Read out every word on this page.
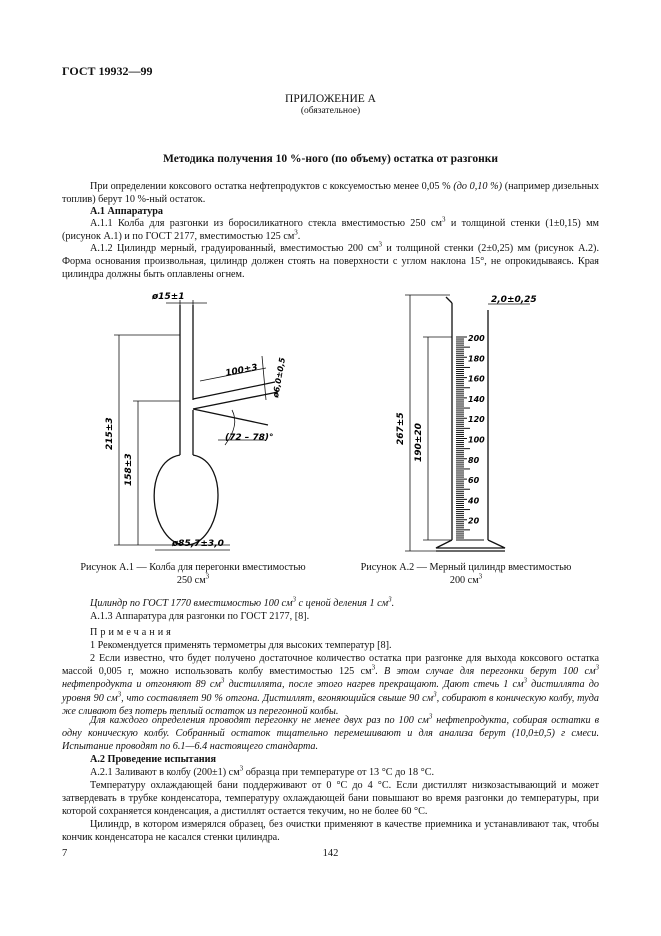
ГОСТ 19932—99
ПРИЛОЖЕНИЕ А
(обязательное)
Методика получения 10 %-ного (по объему) остатка от разгонки
При определении коксового остатка нефтепродуктов с коксуемостью менее 0,05 % (до 0,10 %) (например дизельных топлив) берут 10 %-ный остаток.
А.1 Аппаратура
А.1.1 Колба для разгонки из боросиликатного стекла вместимостью 250 $см^3$ и толщиной стенки (1±0,15) мм (рисунок А.1) и по ГОСТ 2177, вместимостью 125 $см^3$.
А.1.2 Цилиндр мерный, градуированный, вместимостью 200 $см^3$ и толщиной стенки (2±0,25) мм (рисунок А.2). Форма основания произвольная, цилиндр должен стоять на поверхности с углом наклона 15°, не опрокидываясь. Края цилиндра должны быть оплавлены огнем.
ø15±1
215±3
158±3
ø85,7±3,0
100±3 ø6,0±0,5
(72 – 78)°
Рисунок А.1 — Колба для перегонки вместимостью
250 $см^3$
200
180
160
140
120
100
80
60
40
20
2,0±0,25
267±5 190±20
Рисунок А.2 — Мерный цилиндр вместимостью
200 $см^3$
Цилиндр по ГОСТ 1770 вместимостью 100 $см^3$ с ценой деления 1 $см^3$.
А.1.3 Аппаратура для разгонки по ГОСТ 2177, [8].
Примечания
1 Рекомендуется применять термометры для высоких температур [8].
2 Если известно, что будет получено достаточное количество остатка при разгонке для выхода коксового остатка массой 0,005 г, можно использовать колбу вместимостью 125 $см^3$. В этом случае для перегонки берут 100 $см^3$ нефтепродукта и отгоняют 89 $см^3$ дистиллята, после этого нагрев прекращают. Дают стечь 1 $см^3$ дистиллята до уровня 90 $см^3$, что составляет 90 % отгона. Дистиллят, вгоняющийся свыше 90 $см^3$, собирают в коническую колбу, туда же сливают без потерь теплый остаток из перегонной колбы.
Для каждого определения проводят перегонку не менее двух раз по 100 $см^3$ нефтепродукта, собирая остатки в одну коническую колбу. Собранный остаток тщательно перемешивают и для анализа берут (10,0±0,5) г смеси. Испытание проводят по 6.1—6.4 настоящего стандарта.
А.2 Проведение испытания
А.2.1 Заливают в колбу (200±1) $см^3$ образца при температуре от 13 °С до 18 °С.
Температуру охлаждающей бани поддерживают от 0 °С до 4 °С. Если дистиллят низкозастывающий и может затвердевать в трубке конденсатора, температуру охлаждающей бани повышают во время разгонки до температуры, при которой сохраняется конденсация, а дистиллят остается текучим, но не более 60 °С.
Цилиндр, в котором измерялся образец, без очистки применяют в качестве приемника и устанавливают так, чтобы кончик конденсатора не касался стенки цилиндра.
7	142
